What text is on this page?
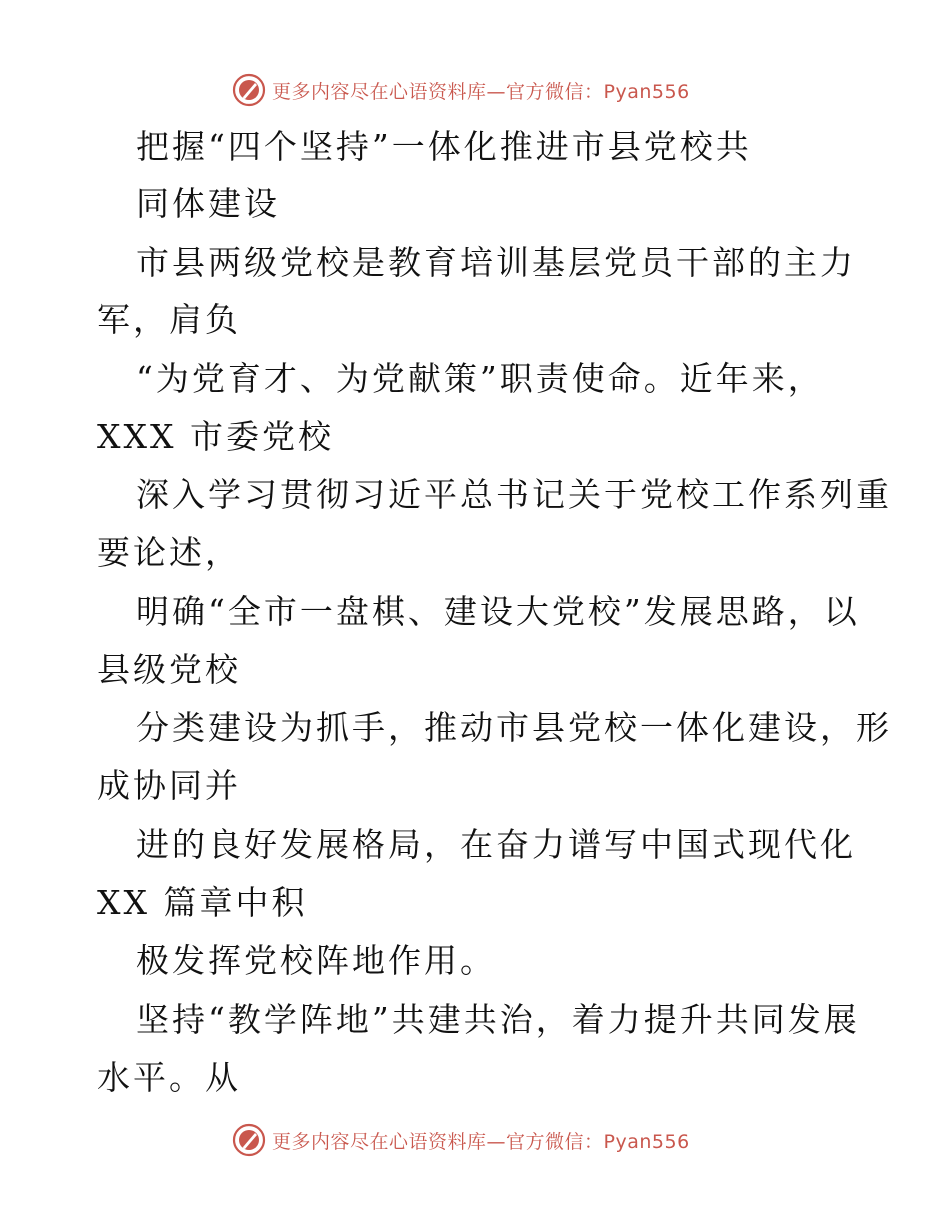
更多内容尽在心语资料库—官方微信：Pyan556
把握“四个坚持”一体化推进市县党校共
同体建设
市县两级党校是教育培训基层党员干部的主力
军，肩负
“为党育才、为党献策”职责使命。近年来，
XXX 市委党校
深入学习贯彻习近平总书记关于党校工作系列重
要论述，
明确“全市一盘棋、建设大党校”发展思路，以
县级党校
分类建设为抓手，推动市县党校一体化建设，形
成协同并
进的良好发展格局，在奋力谱写中国式现代化
XX 篇章中积
极发挥党校阵地作用。
坚持“教学阵地”共建共治，着力提升共同发展
水平。从
更多内容尽在心语资料库—官方微信：Pyan556
